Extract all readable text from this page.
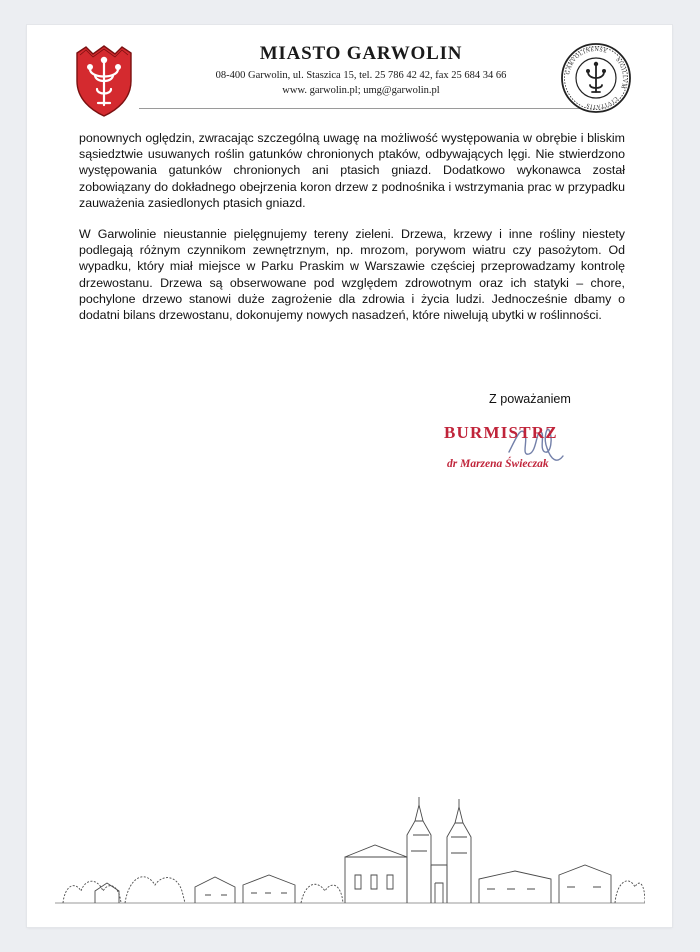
MIASTO GARWOLIN
08-400 Garwolin, ul. Staszica 15, tel. 25 786 42 42, fax 25 684 34 66
www. garwolin.pl; umg@garwolin.pl
GARVOLINENSE
SIGILLVM
CIVITATIS

ponownych oględzin, zwracając szczególną uwagę na możliwość występowania w obrębie i bliskim sąsiedztwie usuwanych roślin gatunków chronionych ptaków, odbywających lęgi. Nie stwierdzono występowania gatunków chronionych ani ptasich gniazd. Dodatkowo wykonawca został zobowiązany do dokładnego obejrzenia koron drzew z podnośnika i wstrzymania prac w przypadku zauważenia zasiedlonych ptasich gniazd.

W Garwolinie nieustannie pielęgnujemy tereny zieleni. Drzewa, krzewy i inne rośliny niestety podlegają różnym czynnikom zewnętrznym, np. mrozom, porywom wiatru czy pasożytom. Od wypadku, który miał miejsce w Parku Praskim w Warszawie częściej przeprowadzamy kontrolę drzewostanu. Drzewa są obserwowane pod względem zdrowotnym oraz ich statyki – chore, pochylone drzewo stanowi duże zagrożenie dla zdrowia i życia ludzi. Jednocześnie dbamy o dodatni bilans drzewostanu, dokonujemy nowych nasadzeń, które niwelują ubytki w roślinności.

Z poważaniem
BURMISTRZ
dr Marzena Świeczak
